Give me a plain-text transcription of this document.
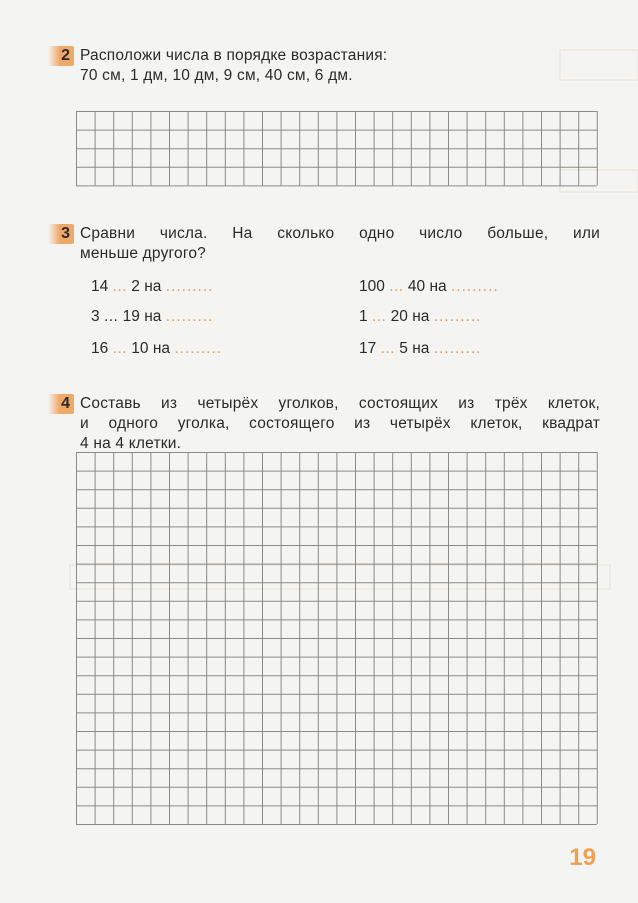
2 Расположи числа в порядке возрастания:

70 см, 1 дм, 10 дм, 9 см, 40 см, 6 дм.

3 Сравни числа. На сколько одно число больше, или

меньше другого?

14 ... 2 на .........	100 ... 40 на .........
3 ... 19 на .........	1 ... 20 на .........
16 ... 10 на .........	17 ... 5 на .........
4 Составь из четырёх уголков, состоящих из трёх клеток,

и одного уголка, состоящего из четырёх клеток, квадрат

4 на 4 клетки.

19
